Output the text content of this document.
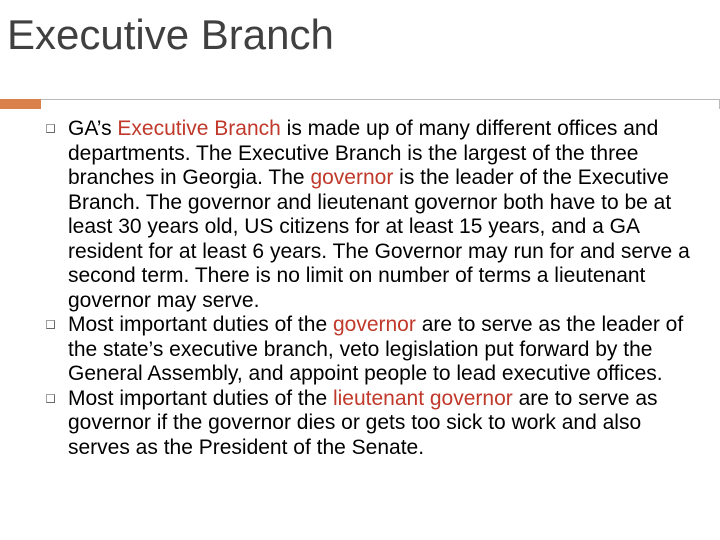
Executive Branch
GA’s Executive Branch is made up of many different offices and departments. The Executive Branch is the largest of the three branches in Georgia. The governor is the leader of the Executive Branch. The governor and lieutenant governor both have to be at least 30 years old, US citizens for at least 15 years, and a GA resident for at least 6 years. The Governor may run for and serve a second term. There is no limit on number of terms a lieutenant governor may serve.
Most important duties of the governor are to serve as the leader of the state’s executive branch, veto legislation put forward by the General Assembly, and appoint people to lead executive offices.
Most important duties of the lieutenant governor are to serve as governor if the governor dies or gets too sick to work and also serves as the President of the Senate.
